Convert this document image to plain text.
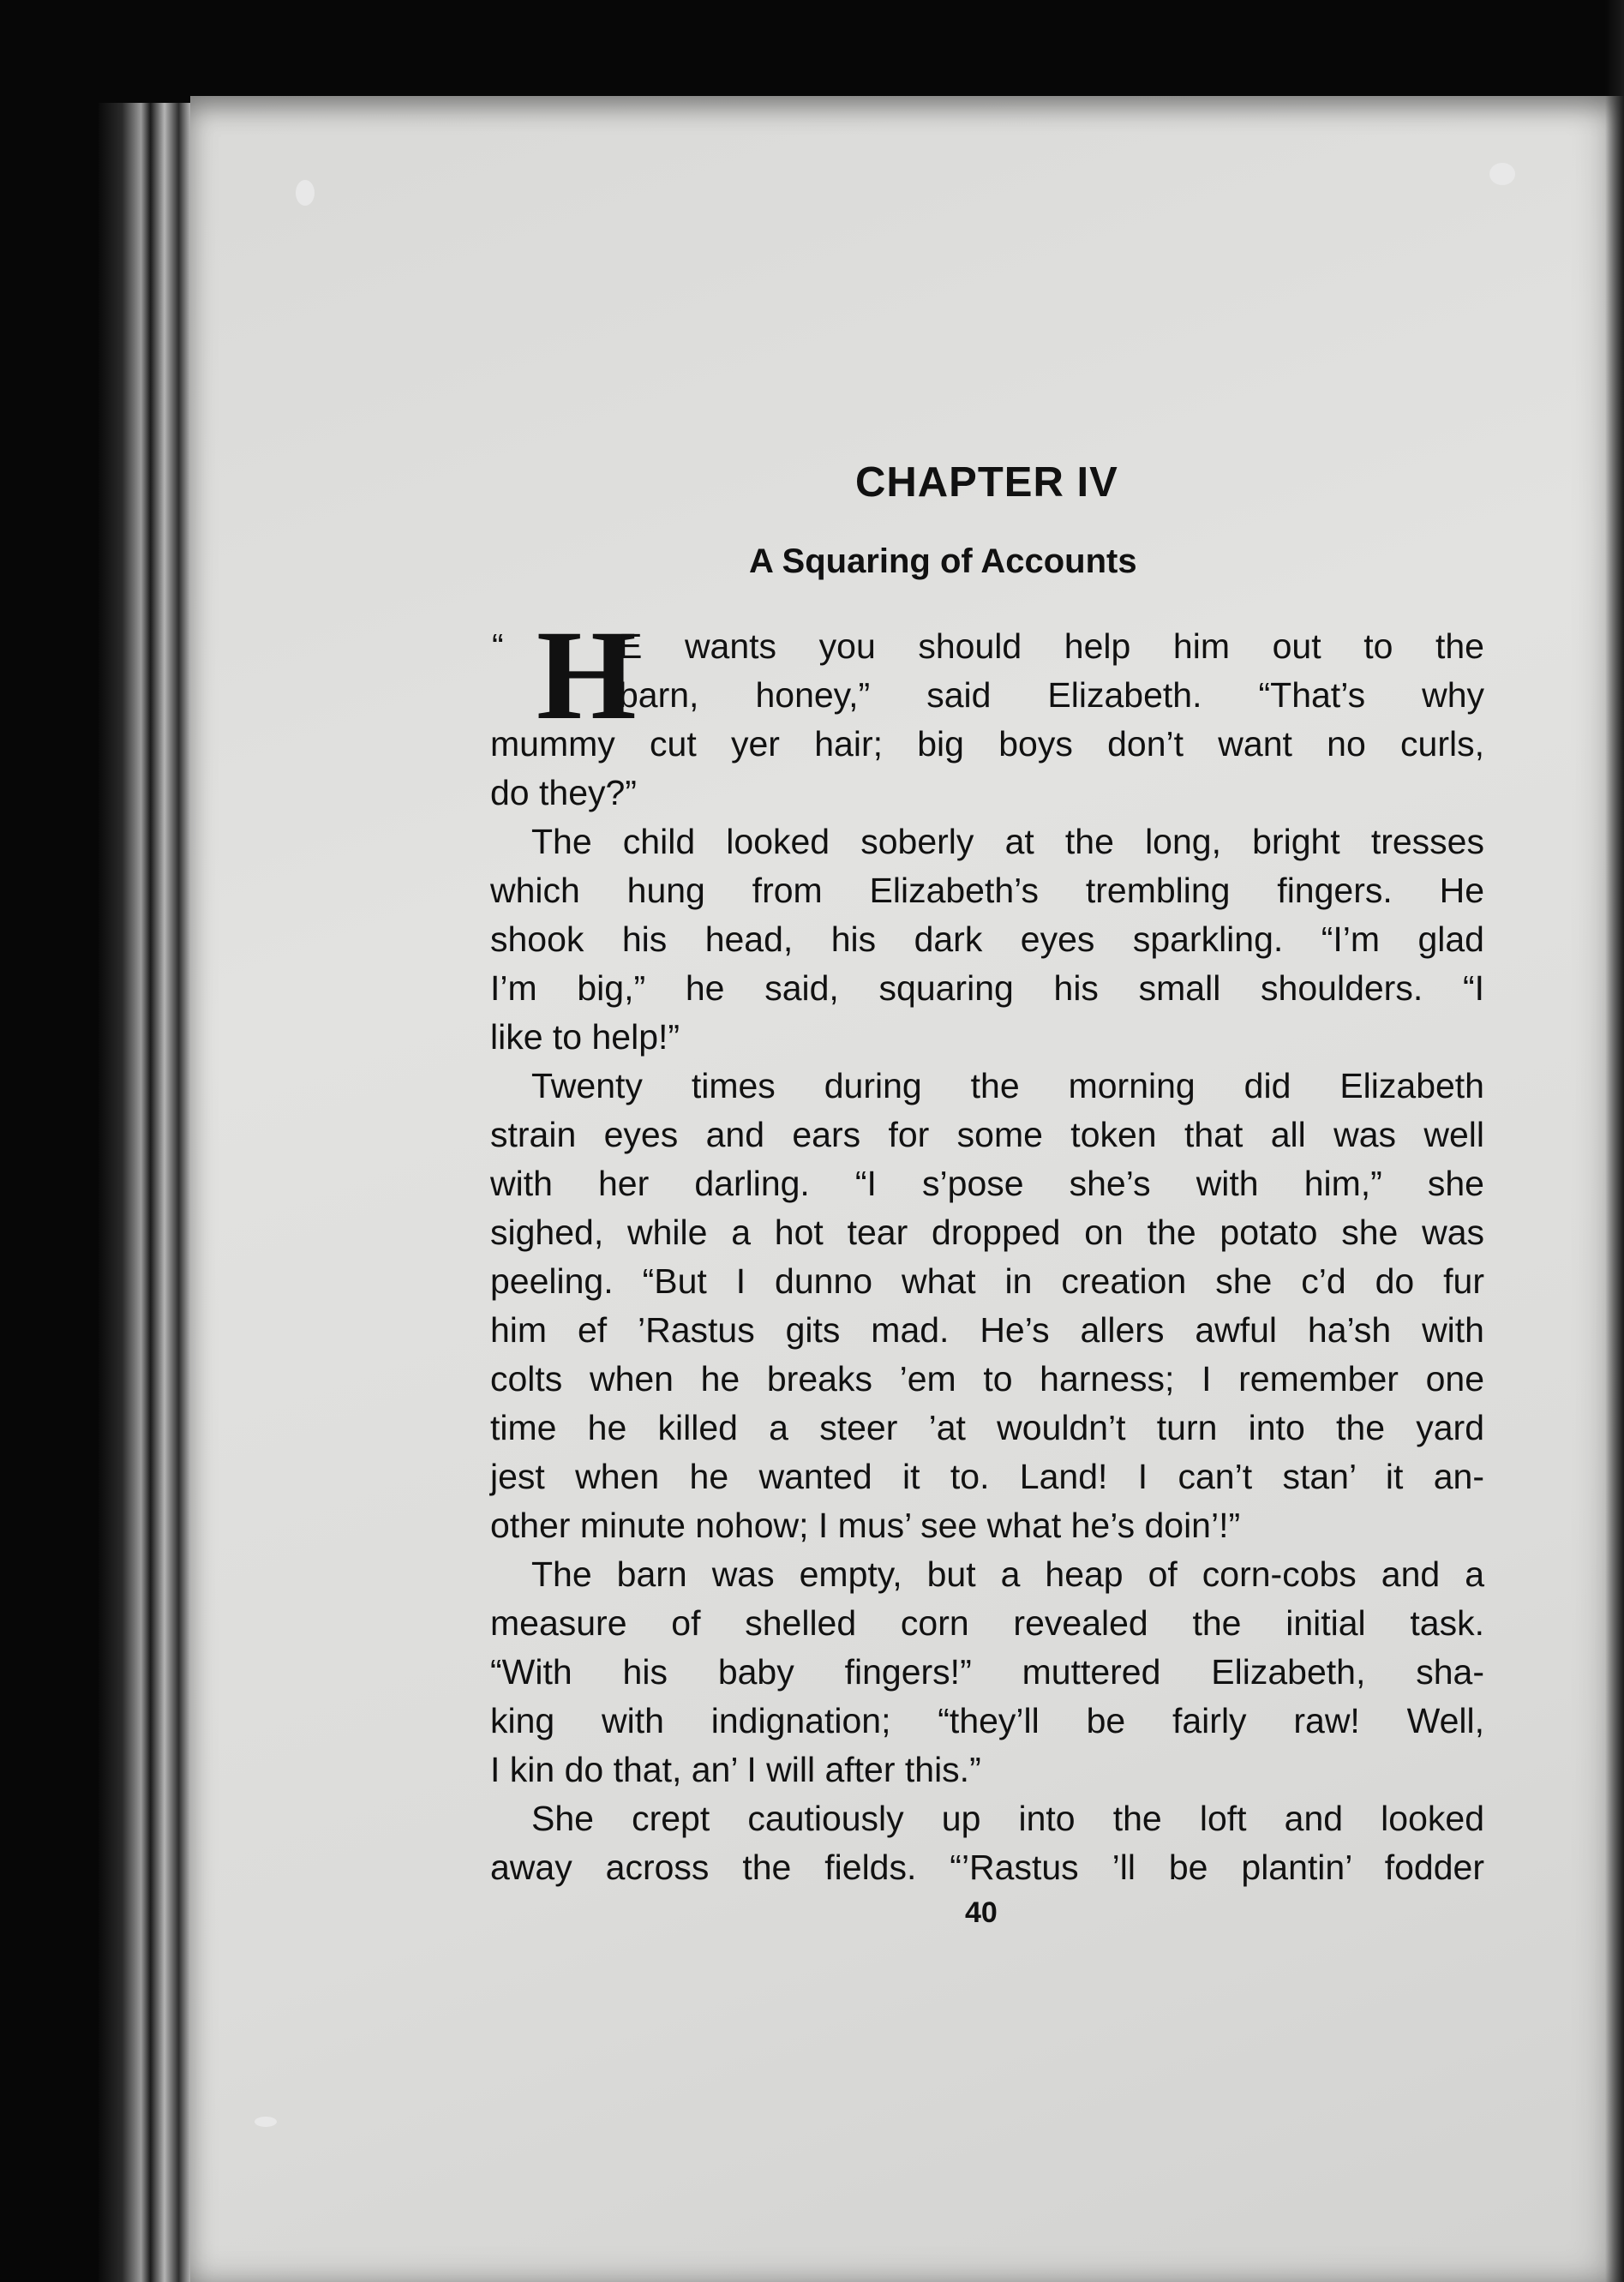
CHAPTER IV
A Squaring of Accounts
“ H
E wants you should help him out to the
barn, honey,” said Elizabeth. “That’s why
mummy cut yer hair; big boys don’t want no curls,
do they?”
The child looked soberly at the long, bright tresses
which hung from Elizabeth’s trembling fingers. He
shook his head, his dark eyes sparkling. “I’m glad
I’m big,” he said, squaring his small shoulders. “I
like to help!”
Twenty times during the morning did Elizabeth
strain eyes and ears for some token that all was well
with her darling. “I s’pose she’s with him,” she
sighed, while a hot tear dropped on the potato she was
peeling. “But I dunno what in creation she c’d do fur
him ef ’Rastus gits mad. He’s allers awful ha’sh with
colts when he breaks ’em to harness; I remember one
time he killed a steer ’at wouldn’t turn into the yard
jest when he wanted it to. Land! I can’t stan’ it an-
other minute nohow; I mus’ see what he’s doin’!”
The barn was empty, but a heap of corn-cobs and a
measure of shelled corn revealed the initial task.
“With his baby fingers!” muttered Elizabeth, sha-
king with indignation; “they’ll be fairly raw! Well,
I kin do that, an’ I will after this.”
She crept cautiously up into the loft and looked
away across the fields. “’Rastus ’ll be plantin’ fodder
40
